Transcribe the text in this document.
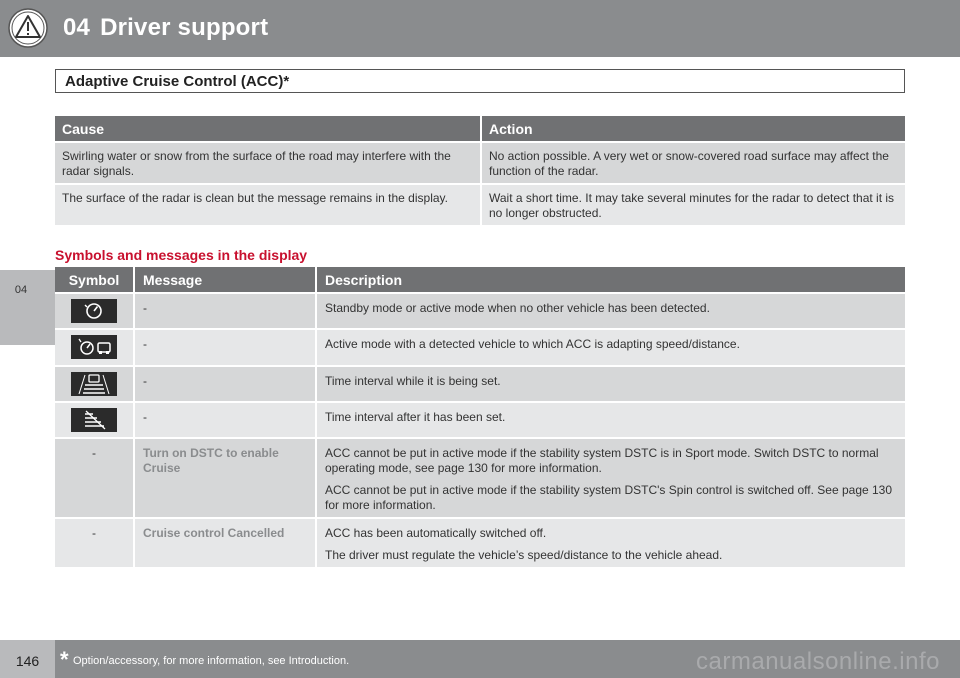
04 Driver support
04
Adaptive Cruise Control (ACC)*
Cause	Action
Swirling water or snow from the surface of the road may interfere with the radar signals.	No action possible. A very wet or snow-covered road surface may affect the function of the radar.
The surface of the radar is clean but the message remains in the display.	Wait a short time. It may take several minutes for the radar to detect that it is no longer obstructed.
Symbols and messages in the display
Symbol	Message	Description
	-	Standby mode or active mode when no other vehicle has been detected.

	-	Active mode with a detected vehicle to which ACC is adapting speed/distance.

	-	Time interval while it is being set.

	-	Time interval after it has been set.

-	Turn on DSTC to enable Cruise	ACC cannot be put in active mode if the stability system DSTC is in Sport mode. Switch DSTC to normal operating mode, see page 130 for more information.

ACC cannot be put in active mode if the stability system DSTC's Spin control is switched off. See page 130 for more information.

-	Cruise control Cancelled	ACC has been automatically switched off.

The driver must regulate the vehicle’s speed/distance to the vehicle ahead.

146 * Option/accessory, for more information, see Introduction.	carmanualsonline.info
